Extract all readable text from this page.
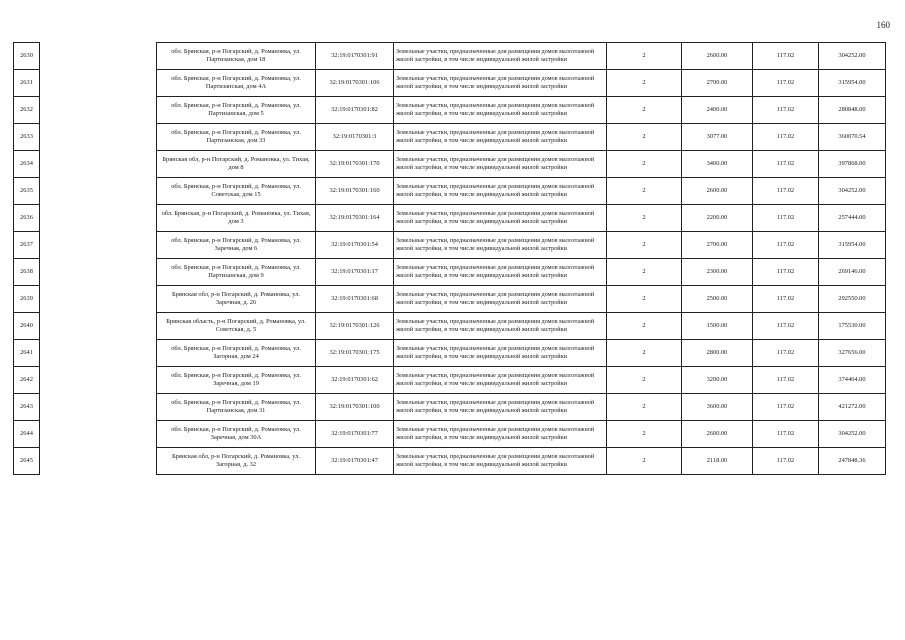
160
2630		обл. Брянская, р-н Погарский, д. Романовка, ул. Партизанская, дом 18	32:19:0170301:91	Земельные участки, предназначенные для размещения домов малоэтажной жилой застройки, в том числе индивидуальной жилой застройки	2	2600.00	117.02	304252.00
2631		обл. Брянская, р-н Погарский, д. Романовка, ул. Партизанская, дом 4А	32:19:0170301:106	Земельные участки, предназначенные для размещения домов малоэтажной жилой застройки, в том числе индивидуальной жилой застройки	2	2700.00	117.02	315954.00
2632		обл. Брянская, р-н Погарский, д. Романовка, ул. Партизанская, дом 5	32:19:0170301:82	Земельные участки, предназначенные для размещения домов малоэтажной жилой застройки, в том числе индивидуальной жилой застройки	2	2400.00	117.02	280848.00
2633		обл. Брянская, р-н Погарский, д. Романовка, ул. Партизанская, дом 33	32:19:0170301:3	Земельные участки, предназначенные для размещения домов малоэтажной жилой застройки, в том числе индивидуальной жилой застройки	2	3077.00	117.02	360070.54
2634		Брянская обл, р-н Погарский, д. Романовка, ул. Тихая, дом 8	32:19:0170301:170	Земельные участки, предназначенные для размещения домов малоэтажной жилой застройки, в том числе индивидуальной жилой застройки	2	3400.00	117.02	397868.00
2635		обл. Брянская, р-н Погарский, д. Романовка, ул. Советская, дом 15	32:19:0170301:160	Земельные участки, предназначенные для размещения домов малоэтажной жилой застройки, в том числе индивидуальной жилой застройки	2	2600.00	117.02	304252.00
2636		обл. Брянская, р-н Погарский, д. Романовка, ул. Тихая, дом 3	32:19:0170301:164	Земельные участки, предназначенные для размещения домов малоэтажной жилой застройки, в том числе индивидуальной жилой застройки	2	2200.00	117.02	257444.00
2637		обл. Брянская, р-н Погарский, д. Романовка, ул. Заречная, дом 6	32:19:0170301:54	Земельные участки, предназначенные для размещения домов малоэтажной жилой застройки, в том числе индивидуальной жилой застройки	2	2700.00	117.02	315954.00
2638		обл. Брянская, р-н Погарский, д. Романовка, ул. Партизанская, дом 9	32:19:0170301:17	Земельные участки, предназначенные для размещения домов малоэтажной жилой застройки, в том числе индивидуальной жилой застройки	2	2300.00	117.02	269146.00
2639		Брянская обл, р-н Погарский, д. Романовка, ул. Заречная, д. 26	32:19:0170301:68	Земельные участки, предназначенные для размещения домов малоэтажной жилой застройки, в том числе индивидуальной жилой застройки	2	2500.00	117.02	292550.00
2640		Брянская область, р-н Погарский, д. Романовка, ул. Советская, д. 5	32:19:0170301:126	Земельные участки, предназначенные для размещения домов малоэтажной жилой застройки, в том числе индивидуальной жилой застройки	2	1500.00	117.02	175530.00
2641		обл. Брянская, р-н Погарский, д. Романовка, ул. Загорная, дом 24	32:19:0170301:175	Земельные участки, предназначенные для размещения домов малоэтажной жилой застройки, в том числе индивидуальной жилой застройки	2	2800.00	117.02	327656.00
2642		обл. Брянская, р-н Погарский, д. Романовка, ул. Заречная, дом 19	32:19:0170301:62	Земельные участки, предназначенные для размещения домов малоэтажной жилой застройки, в том числе индивидуальной жилой застройки	2	3200.00	117.02	374464.00
2643		обл. Брянская, р-н Погарский, д. Романовка, ул. Партизанская, дом 31	32:19:0170301:100	Земельные участки, предназначенные для размещения домов малоэтажной жилой застройки, в том числе индивидуальной жилой застройки	2	3600.00	117.02	421272.00
2644		обл. Брянская, р-н Погарский, д. Романовка, ул. Заречная, дом 30А	32:19:0170301:77	Земельные участки, предназначенные для размещения домов малоэтажной жилой застройки, в том числе индивидуальной жилой застройки	2	2600.00	117.02	304252.00
2645		Брянская обл, р-н Погарский, д. Романовка, ул. Загорная, д. 32	32:19:0170301:47	Земельные участки, предназначенные для размещения домов малоэтажной жилой застройки, в том числе индивидуальной жилой застройки	2	2118.00	117.02	247848.36
